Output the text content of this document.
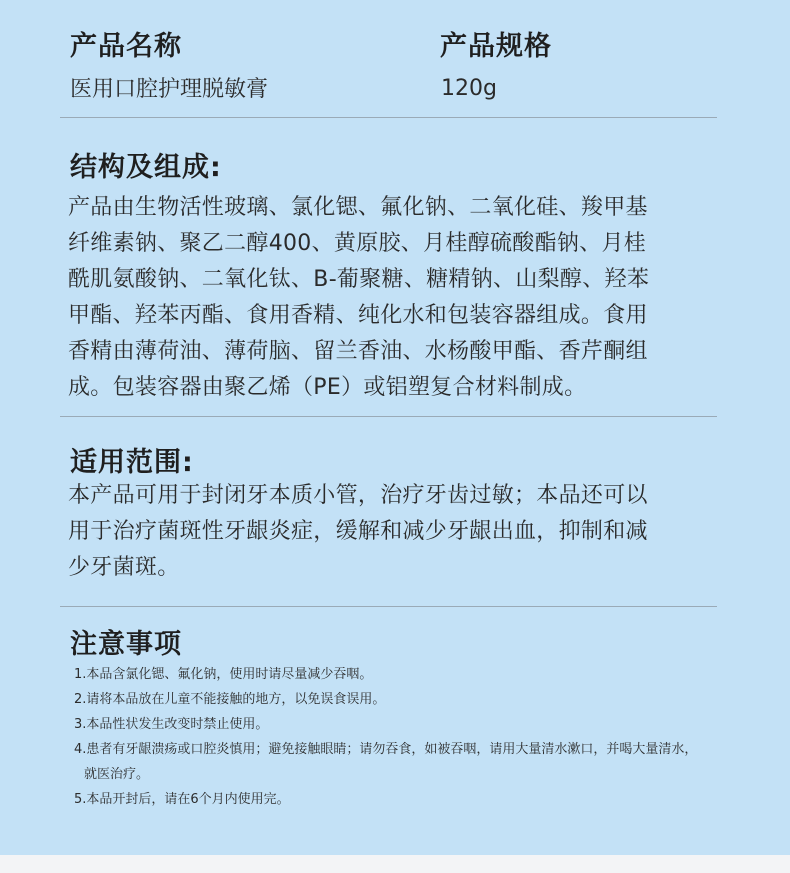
产品名称
医用口腔护理脱敏膏
产品规格
120g
结构及组成:
产品由生物活性玻璃、氯化锶、氟化钠、二氧化硅、羧甲基
纤维素钠、聚乙二醇400、黄原胶、月桂醇硫酸酯钠、月桂
酰肌氨酸钠、二氧化钛、B-葡聚糖、糖精钠、山梨醇、羟苯
甲酯、羟苯丙酯、食用香精、纯化水和包装容器组成。食用
香精由薄荷油、薄荷脑、留兰香油、水杨酸甲酯、香芹酮组
成。包装容器由聚乙烯（PE）或铝塑复合材料制成。
适用范围:
本产品可用于封闭牙本质小管，治疗牙齿过敏；本品还可以
用于治疗菌斑性牙龈炎症，缓解和减少牙龈出血，抑制和减
少牙菌斑。
注意事项
1.本品含氯化锶、氟化钠，使用时请尽量减少吞咽。
2.请将本品放在儿童不能接触的地方，以免误食误用。
3.本品性状发生改变时禁止使用。
4.患者有牙龈溃疡或口腔炎慎用；避免接触眼睛；请勿吞食，如被吞咽，请用大量清水漱口，并喝大量清水，
就医治疗。
5.本品开封后，请在6个月内使用完。
